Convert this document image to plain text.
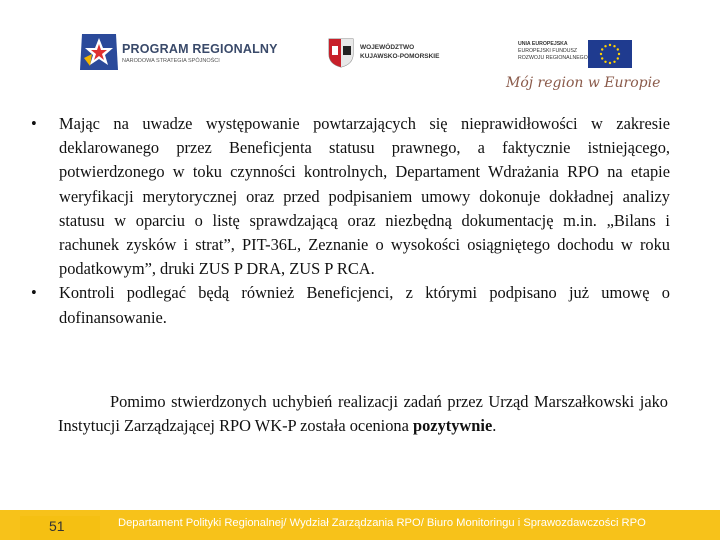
PROGRAM REGIONALNY
NARODOWA STRATEGIA SPÓJNOŚCI
WOJEWÓDZTWO
KUJAWSKO-POMORSKIE
UNIA EUROPEJSKA
EUROPEJSKI FUNDUSZ
ROZWOJU REGIONALNEGO
Mój region w Europie
• Mając na uwadze występowanie powtarzających się nieprawidłowości w zakresie deklarowanego przez Beneficjenta statusu prawnego, a faktycznie istniejącego, potwierdzonego w toku czynności kontrolnych, Departament Wdrażania RPO na etapie weryfikacji merytorycznej oraz przed podpisaniem umowy dokonuje dokładnej analizy statusu w oparciu o listę sprawdzającą oraz niezbędną dokumentację m.in. „Bilans i rachunek zysków i strat”, PIT-36L, Zeznanie o wysokości osiągniętego dochodu w roku podatkowym”, druki ZUS P DRA, ZUS P RCA.
• Kontroli podlegać będą również Beneficjenci, z którymi podpisano już umowę o dofinansowanie.
Pomimo stwierdzonych uchybień realizacji zadań przez Urząd Marszałkowski jako Instytucji Zarządzającej RPO WK-P została oceniona pozytywnie.
51	Departament Polityki Regionalnej/ Wydział Zarządzania RPO/ Biuro Monitoringu i Sprawozdawczości RPO
